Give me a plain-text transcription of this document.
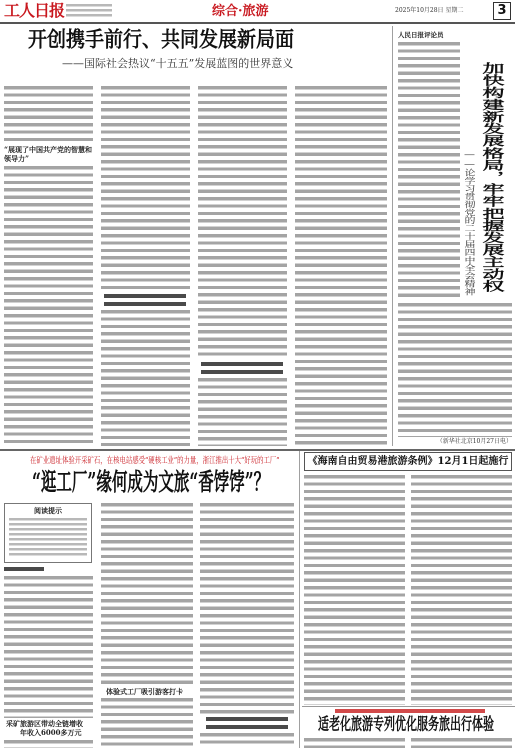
工人日报	综合·旅游	2025年10月28日 星期二	3
开创携手前行、共同发展新局面
——国际社会热议“十五五”发展蓝图的世界意义
“展现了中国共产党的智慧和领导力”
人民日报评论员
加快构建新发展格局，牢牢把握发展主动权
——论学习贯彻党的二十届四中全会精神
（新华社北京10月27日电）
在矿业遗址体验开采矿石，在核电站感受“硬核工业”的力量，浙江推出十大“好玩的工厂”
“逛工厂”缘何成为文旅“香饽饽”？
阅读提示
采矿旅游区带动全链增收
年收入6000多万元
体验式工厂吸引游客打卡
《海南自由贸易港旅游条例》12月1日起施行
适老化旅游专列优化服务旅出行体验
